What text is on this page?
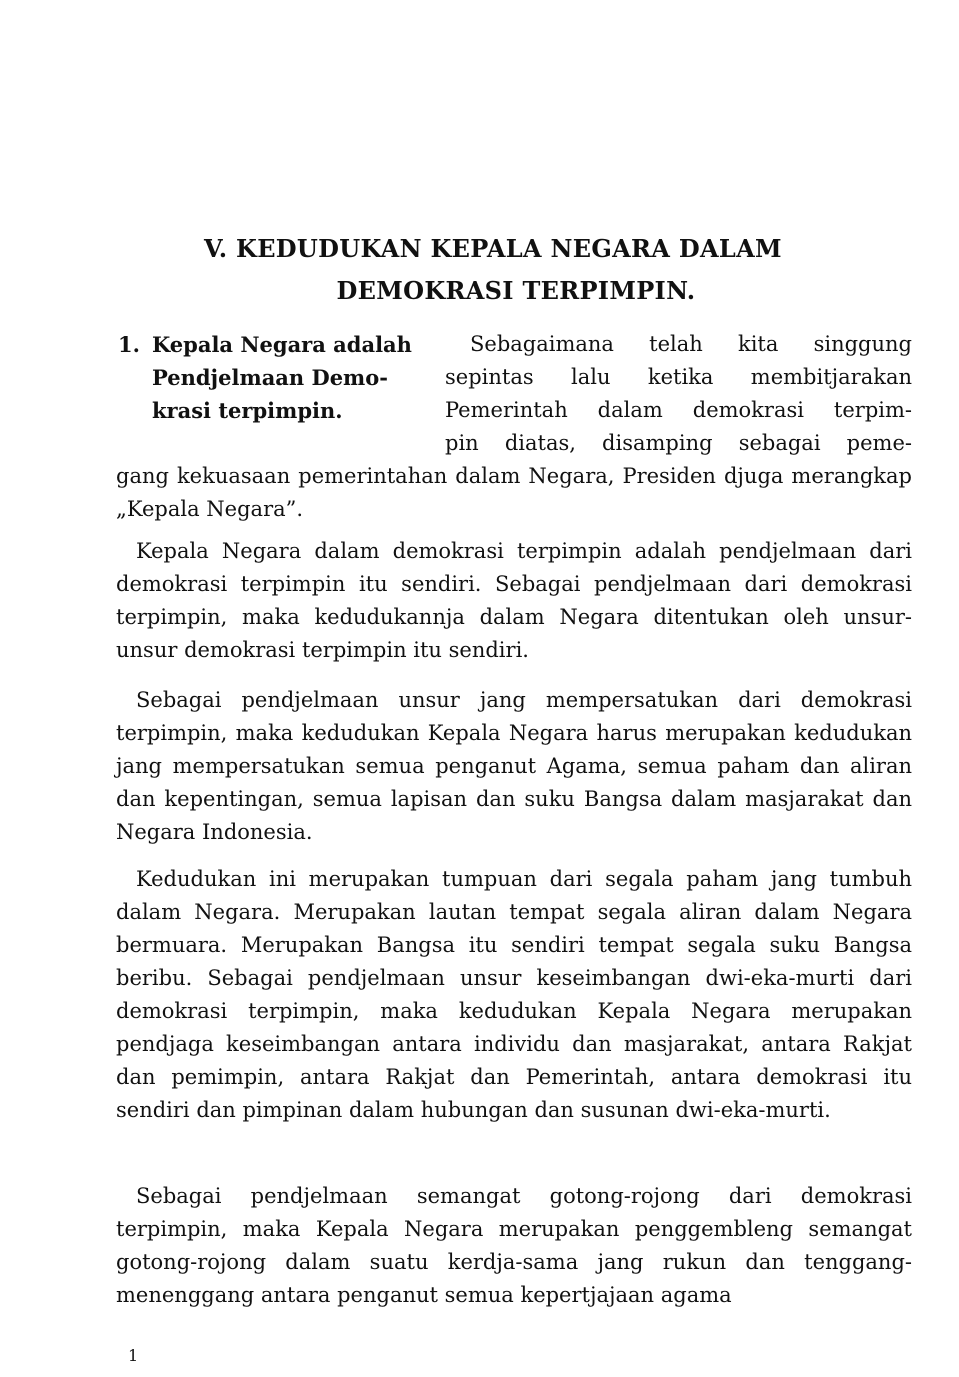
V. KEDUDUKAN KEPALA NEGARA DALAM
DEMOKRASI TERPIMPIN.
1. Kepala Negara adalah Pendjelmaan Demo-krasi terpimpin.
Sebagaimana telah kita singgung
sepintas lalu ketika membitjarakan
Pemerintah dalam demokrasi terpim-
pin diatas, disamping sebagai peme-
gang kekuasaan pemerintahan dalam Negara, Presiden djuga merangkap „Kepala Negara”.
Kepala Negara dalam demokrasi terpimpin adalah pendjelmaan dari demokrasi terpimpin itu sendiri. Sebagai pendjelmaan dari demokrasi terpimpin, maka kedudukannja dalam Negara ditentukan oleh unsur-unsur demokrasi terpimpin itu sendiri.
Sebagai pendjelmaan unsur jang mempersatukan dari demokrasi terpimpin, maka kedudukan Kepala Negara harus merupakan kedudukan jang mempersatukan semua penganut Agama, semua paham dan aliran dan kepentingan, semua lapisan dan suku Bangsa dalam masjarakat dan Negara Indonesia.
Kedudukan ini merupakan tumpuan dari segala paham jang tumbuh dalam Negara. Merupakan lautan tempat segala aliran dalam Negara bermuara. Merupakan Bangsa itu sendiri tempat segala suku Bangsa beribu. Sebagai pendjelmaan unsur keseimbangan dwi-eka-murti dari demokrasi terpimpin, maka kedudukan Kepala Negara merupakan pendjaga keseimbangan antara individu dan masjarakat, antara Rakjat dan pemimpin, antara Rakjat dan Pemerintah, antara demokrasi itu sendiri dan pimpinan dalam hubungan dan susunan dwi-eka-murti.
Sebagai pendjelmaan semangat gotong-rojong dari demokrasi terpimpin, maka Kepala Negara merupakan penggembleng semangat gotong-rojong dalam suatu kerdja-sama jang rukun dan tenggang-menenggang antara penganut semua kepertjajaan agama
1
